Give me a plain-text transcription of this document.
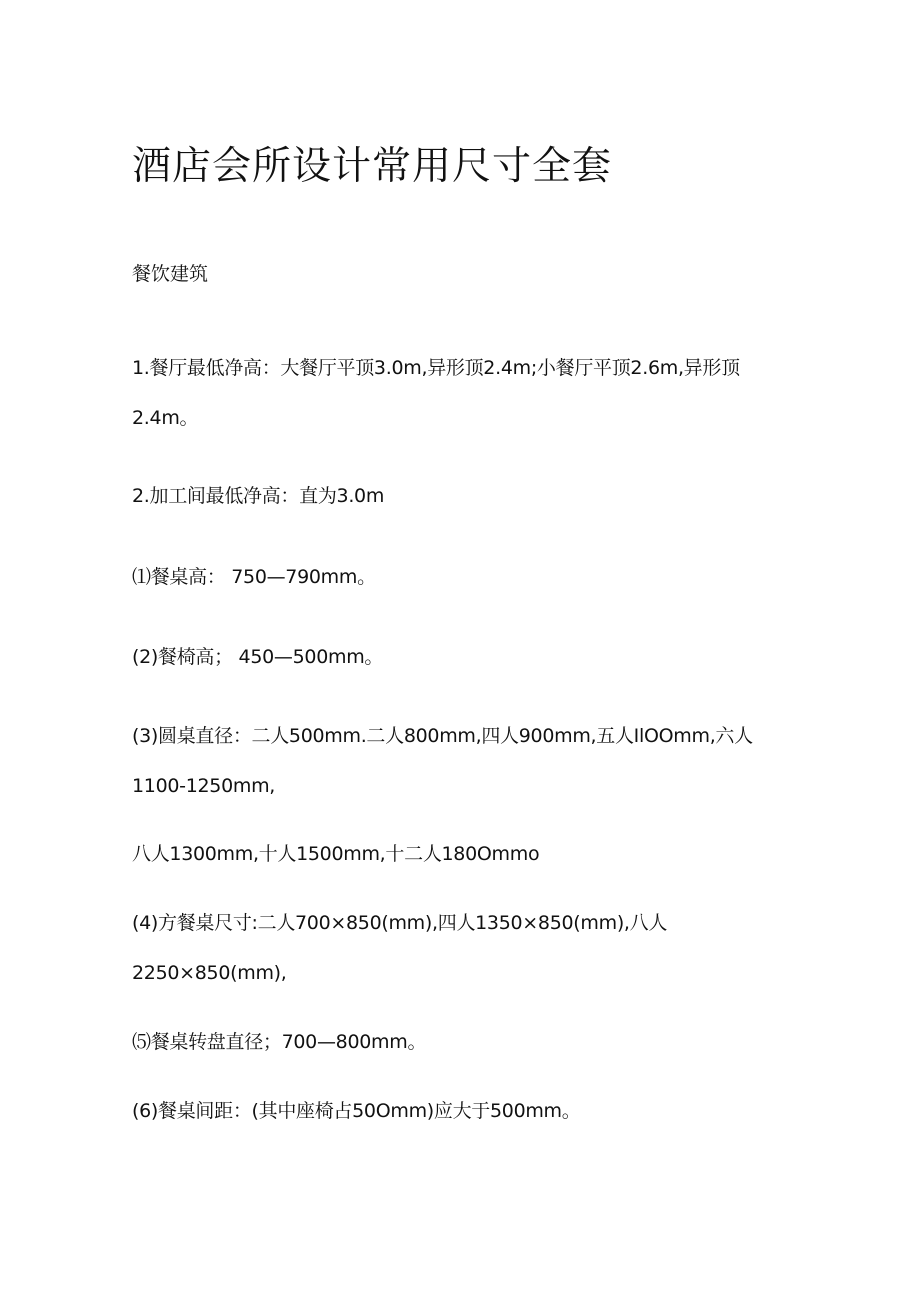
酒店会所设计常用尺寸全套
餐饮建筑

1.餐厅最低净高：大餐厅平顶3.0m,异形顶2.4m;小餐厅平顶2.6m,异形顶2.4m。

2.加工间最低净高：直为3.0m

⑴餐桌高： 750—790mm。

(2)餐椅高； 450—500mm。

(3)圆桌直径：二人500mm.二人800mm,四人900mm,五人IlOOmm,六人1100-1250mm,

八人1300mm,十人1500mm,十二人180Ommo

(4)方餐桌尺寸:二人700×850(mm),四人1350×850(mm),八人2250×850(mm),

⑸餐桌转盘直径；700—800mm。

(6)餐桌间距：(其中座椅占50Omm)应大于500mm。
